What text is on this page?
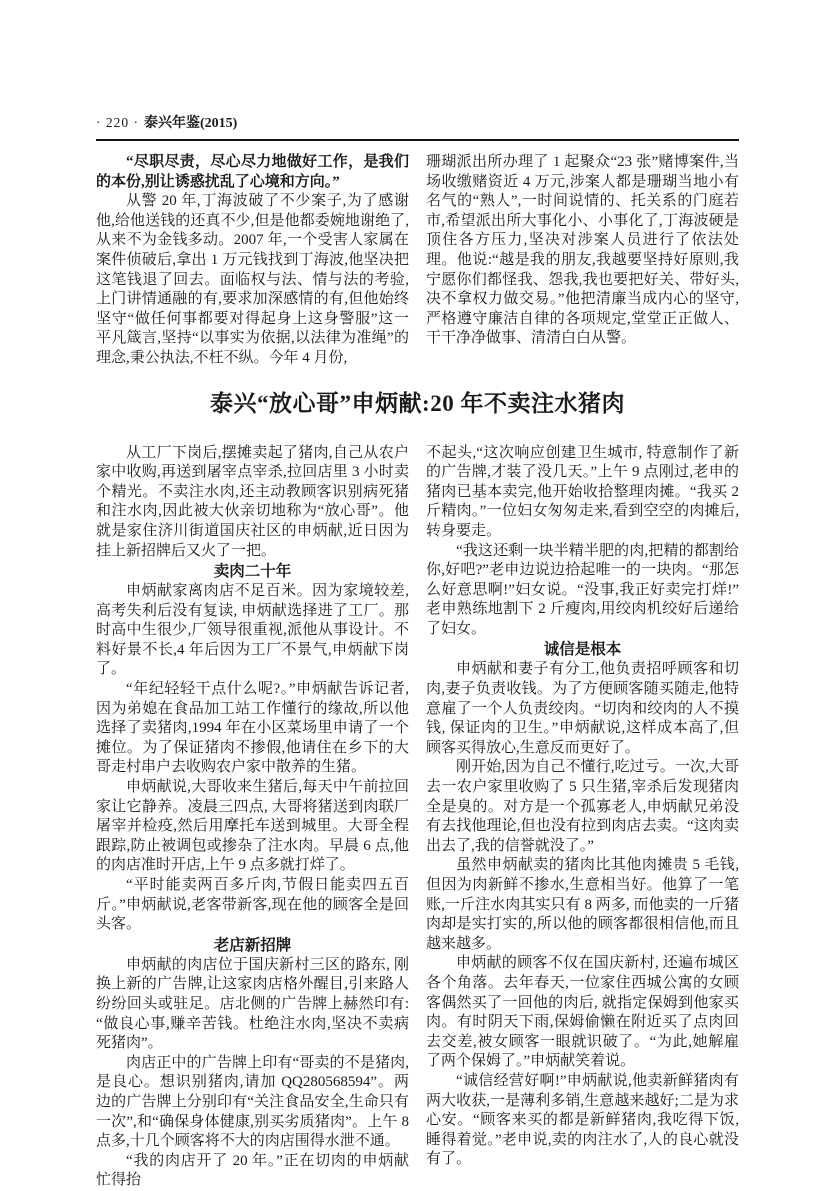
· 220 · 泰兴年鉴(2015)

“尽职尽责，尽心尽力地做好工作，是我们的本份,别让诱惑扰乱了心境和方向。”

从警 20 年,丁海波破了不少案子,为了感谢他,给他送钱的还真不少,但是他都委婉地谢绝了,从来不为金钱多动。2007 年,一个受害人家属在案件侦破后,拿出 1 万元钱找到丁海波,他坚决把这笔钱退了回去。面临权与法、情与法的考验,上门讲情通融的有,要求加深感情的有,但他始终坚守“做任何事都要对得起身上这身警服”这一平凡箴言,坚持“以事实为依据,以法律为准绳”的理念,秉公执法,不枉不纵。今年 4 月份,

珊瑚派出所办理了 1 起聚众“23 张”赌博案件,当场收缴赌资近 4 万元,涉案人都是珊瑚当地小有名气的“熟人”,一时间说情的、托关系的门庭若市,希望派出所大事化小、小事化了,丁海波硬是顶住各方压力,坚决对涉案人员进行了依法处理。他说:“越是我的朋友,我越要坚持好原则,我宁愿你们都怪我、怨我,我也要把好关、带好头,决不拿权力做交易。”他把清廉当成内心的坚守,严格遵守廉洁自律的各项规定,堂堂正正做人、干干净净做事、清清白白从警。

泰兴“放心哥”申炳献:20 年不卖注水猪肉

从工厂下岗后,摆摊卖起了猪肉,自己从农户家中收购,再送到屠宰点宰杀,拉回店里 3 小时卖个精光。不卖注水肉,还主动教顾客识别病死猪和注水肉,因此被大伙亲切地称为“放心哥”。他就是家住济川街道国庆社区的申炳献,近日因为挂上新招牌后又火了一把。

卖肉二十年

申炳献家离肉店不足百米。因为家境较差,高考失利后没有复读, 申炳献选择进了工厂。那时高中生很少,厂领导很重视,派他从事设计。不料好景不长,4 年后因为工厂不景气,申炳献下岗了。

“年纪轻轻干点什么呢?。”申炳献告诉记者,因为弟媳在食品加工站工作懂行的缘故,所以他选择了卖猪肉,1994 年在小区菜场里申请了一个摊位。为了保证猪肉不掺假,他请住在乡下的大哥走村串户去收购农户家中散养的生猪。

申炳献说,大哥收来生猪后,每天中午前拉回家让它静养。凌晨三四点, 大哥将猪送到肉联厂屠宰并检疫,然后用摩托车送到城里。大哥全程跟踪,防止被调包或掺杂了注水肉。早晨 6 点,他的肉店准时开店,上午 9 点多就打烊了。

“平时能卖两百多斤肉,节假日能卖四五百斤。”申炳献说,老客带新客,现在他的顾客全是回头客。

老店新招牌

申炳献的肉店位于国庆新村三区的路东, 刚换上新的广告牌,让这家肉店格外醒目,引来路人纷纷回头或驻足。店北侧的广告牌上赫然印有:“做良心事,赚辛苦钱。杜绝注水肉,坚决不卖病死猪肉”。

肉店正中的广告牌上印有“哥卖的不是猪肉,是良心。想识别猪肉,请加 QQ280568594”。两边的广告牌上分别印有“关注食品安全,生命只有一次”,和“确保身体健康,别买劣质猪肉”。上午 8 点多,十几个顾客将不大的肉店围得水泄不通。

“我的肉店开了 20 年。”正在切肉的申炳献忙得抬

不起头,“这次响应创建卫生城市, 特意制作了新的广告牌,才装了没几天。”上午 9 点刚过,老申的猪肉已基本卖完,他开始收拾整理肉摊。“我买 2 斤精肉。”一位妇女匆匆走来,看到空空的肉摊后,转身要走。

“我这还剩一块半精半肥的肉,把精的都割给你,好吧?”老申边说边拾起唯一的一块肉。“那怎么好意思啊!”妇女说。“没事,我正好卖完打烊!”老申熟练地割下 2 斤瘦肉,用绞肉机绞好后递给了妇女。

诚信是根本

申炳献和妻子有分工,他负责招呼顾客和切肉,妻子负责收钱。为了方便顾客随买随走,他特意雇了一个人负责绞肉。“切肉和绞肉的人不摸钱, 保证肉的卫生。”申炳献说,这样成本高了,但顾客买得放心,生意反而更好了。

刚开始,因为自己不懂行,吃过亏。一次,大哥去一农户家里收购了 5 只生猪,宰杀后发现猪肉全是臭的。对方是一个孤寡老人,申炳献兄弟没有去找他理论,但也没有拉到肉店去卖。“这肉卖出去了,我的信誉就没了。”

虽然申炳献卖的猪肉比其他肉摊贵 5 毛钱, 但因为肉新鲜不掺水,生意相当好。他算了一笔账,一斤注水肉其实只有 8 两多, 而他卖的一斤猪肉却是实打实的,所以他的顾客都很相信他,而且越来越多。

申炳献的顾客不仅在国庆新村, 还遍布城区各个角落。去年春天,一位家住西城公寓的女顾客偶然买了一回他的肉后, 就指定保姆到他家买肉。有时阴天下雨,保姆偷懒在附近买了点肉回去交差,被女顾客一眼就识破了。“为此,她解雇了两个保姆了。”申炳献笑着说。

“诚信经营好啊!”申炳献说,他卖新鲜猪肉有两大收获,一是薄利多销,生意越来越好;二是为求心安。“顾客来买的都是新鲜猪肉,我吃得下饭,睡得着觉。”老申说,卖的肉注水了,人的良心就没有了。
